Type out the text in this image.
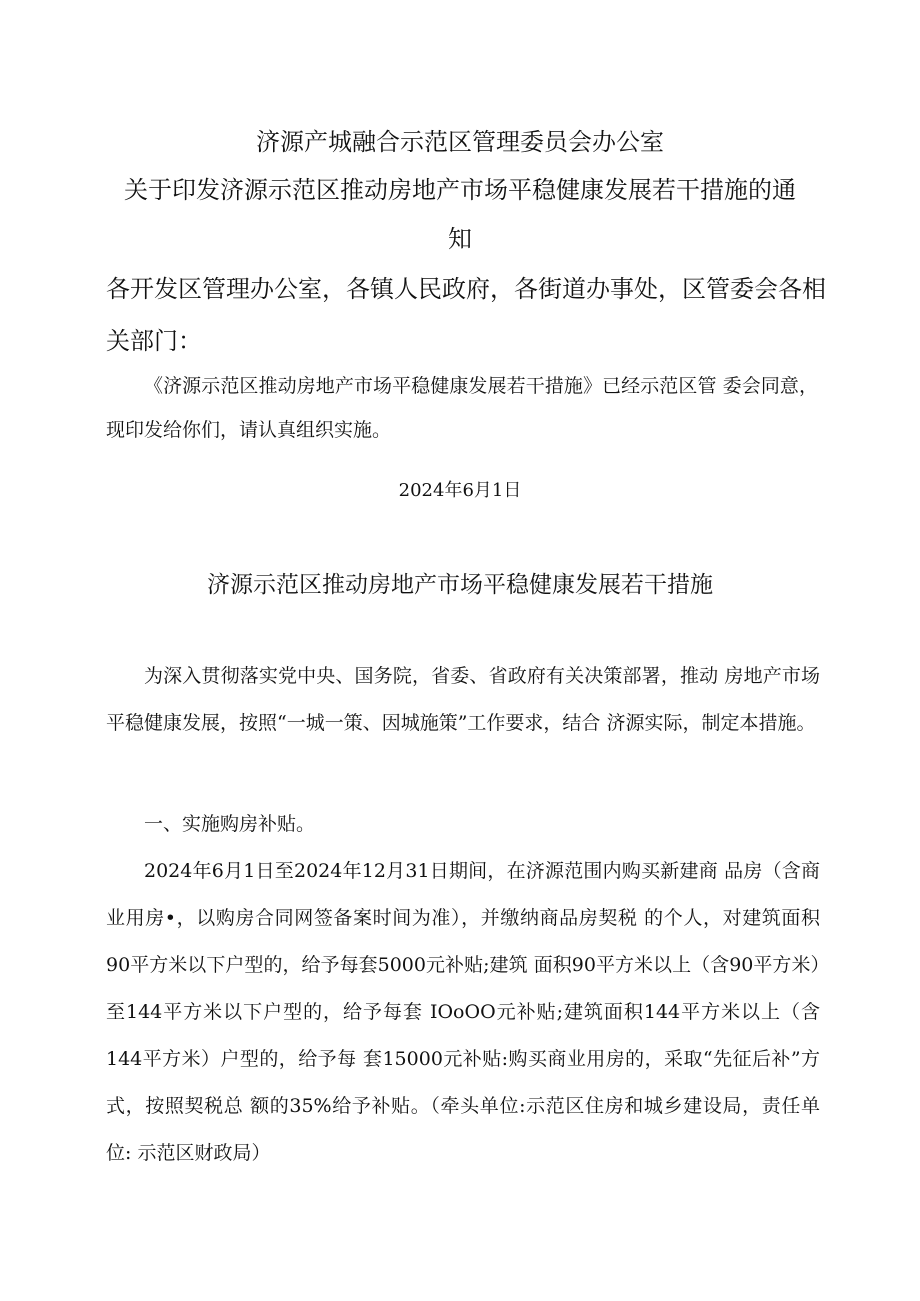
济源产城融合示范区管理委员会办公室
关于印发济源示范区推动房地产市场平稳健康发展若干措施的通
知
各开发区管理办公室，各镇人民政府，各街道办事处，区管委会各相关部门：
《济源示范区推动房地产市场平稳健康发展若干措施》已经示范区管 委会同意，现印发给你们，请认真组织实施。
2024年6月1日
济源示范区推动房地产市场平稳健康发展若干措施
为深入贯彻落实党中央、国务院，省委、省政府有关决策部署，推动 房地产市场平稳健康发展，按照“一城一策、因城施策”工作要求，结合 济源实际，制定本措施。
一、实施购房补贴。
2024年6月1日至2024年12月31日期间，在济源范围内购买新建商 品房（含商业用房•，以购房合同网签备案时间为准），并缴纳商品房契税 的个人，对建筑面积90平方米以下户型的，给予每套5000元补贴;建筑 面积90平方米以上（含90平方米）至144平方米以下户型的，给予每套 IOoOO元补贴;建筑面积144平方米以上（含144平方米）户型的，给予每 套15000元补贴:购买商业用房的，采取“先征后补”方式，按照契税总 额的35%给予补贴。（牵头单位:示范区住房和城乡建设局，责任单位: 示范区财政局）
